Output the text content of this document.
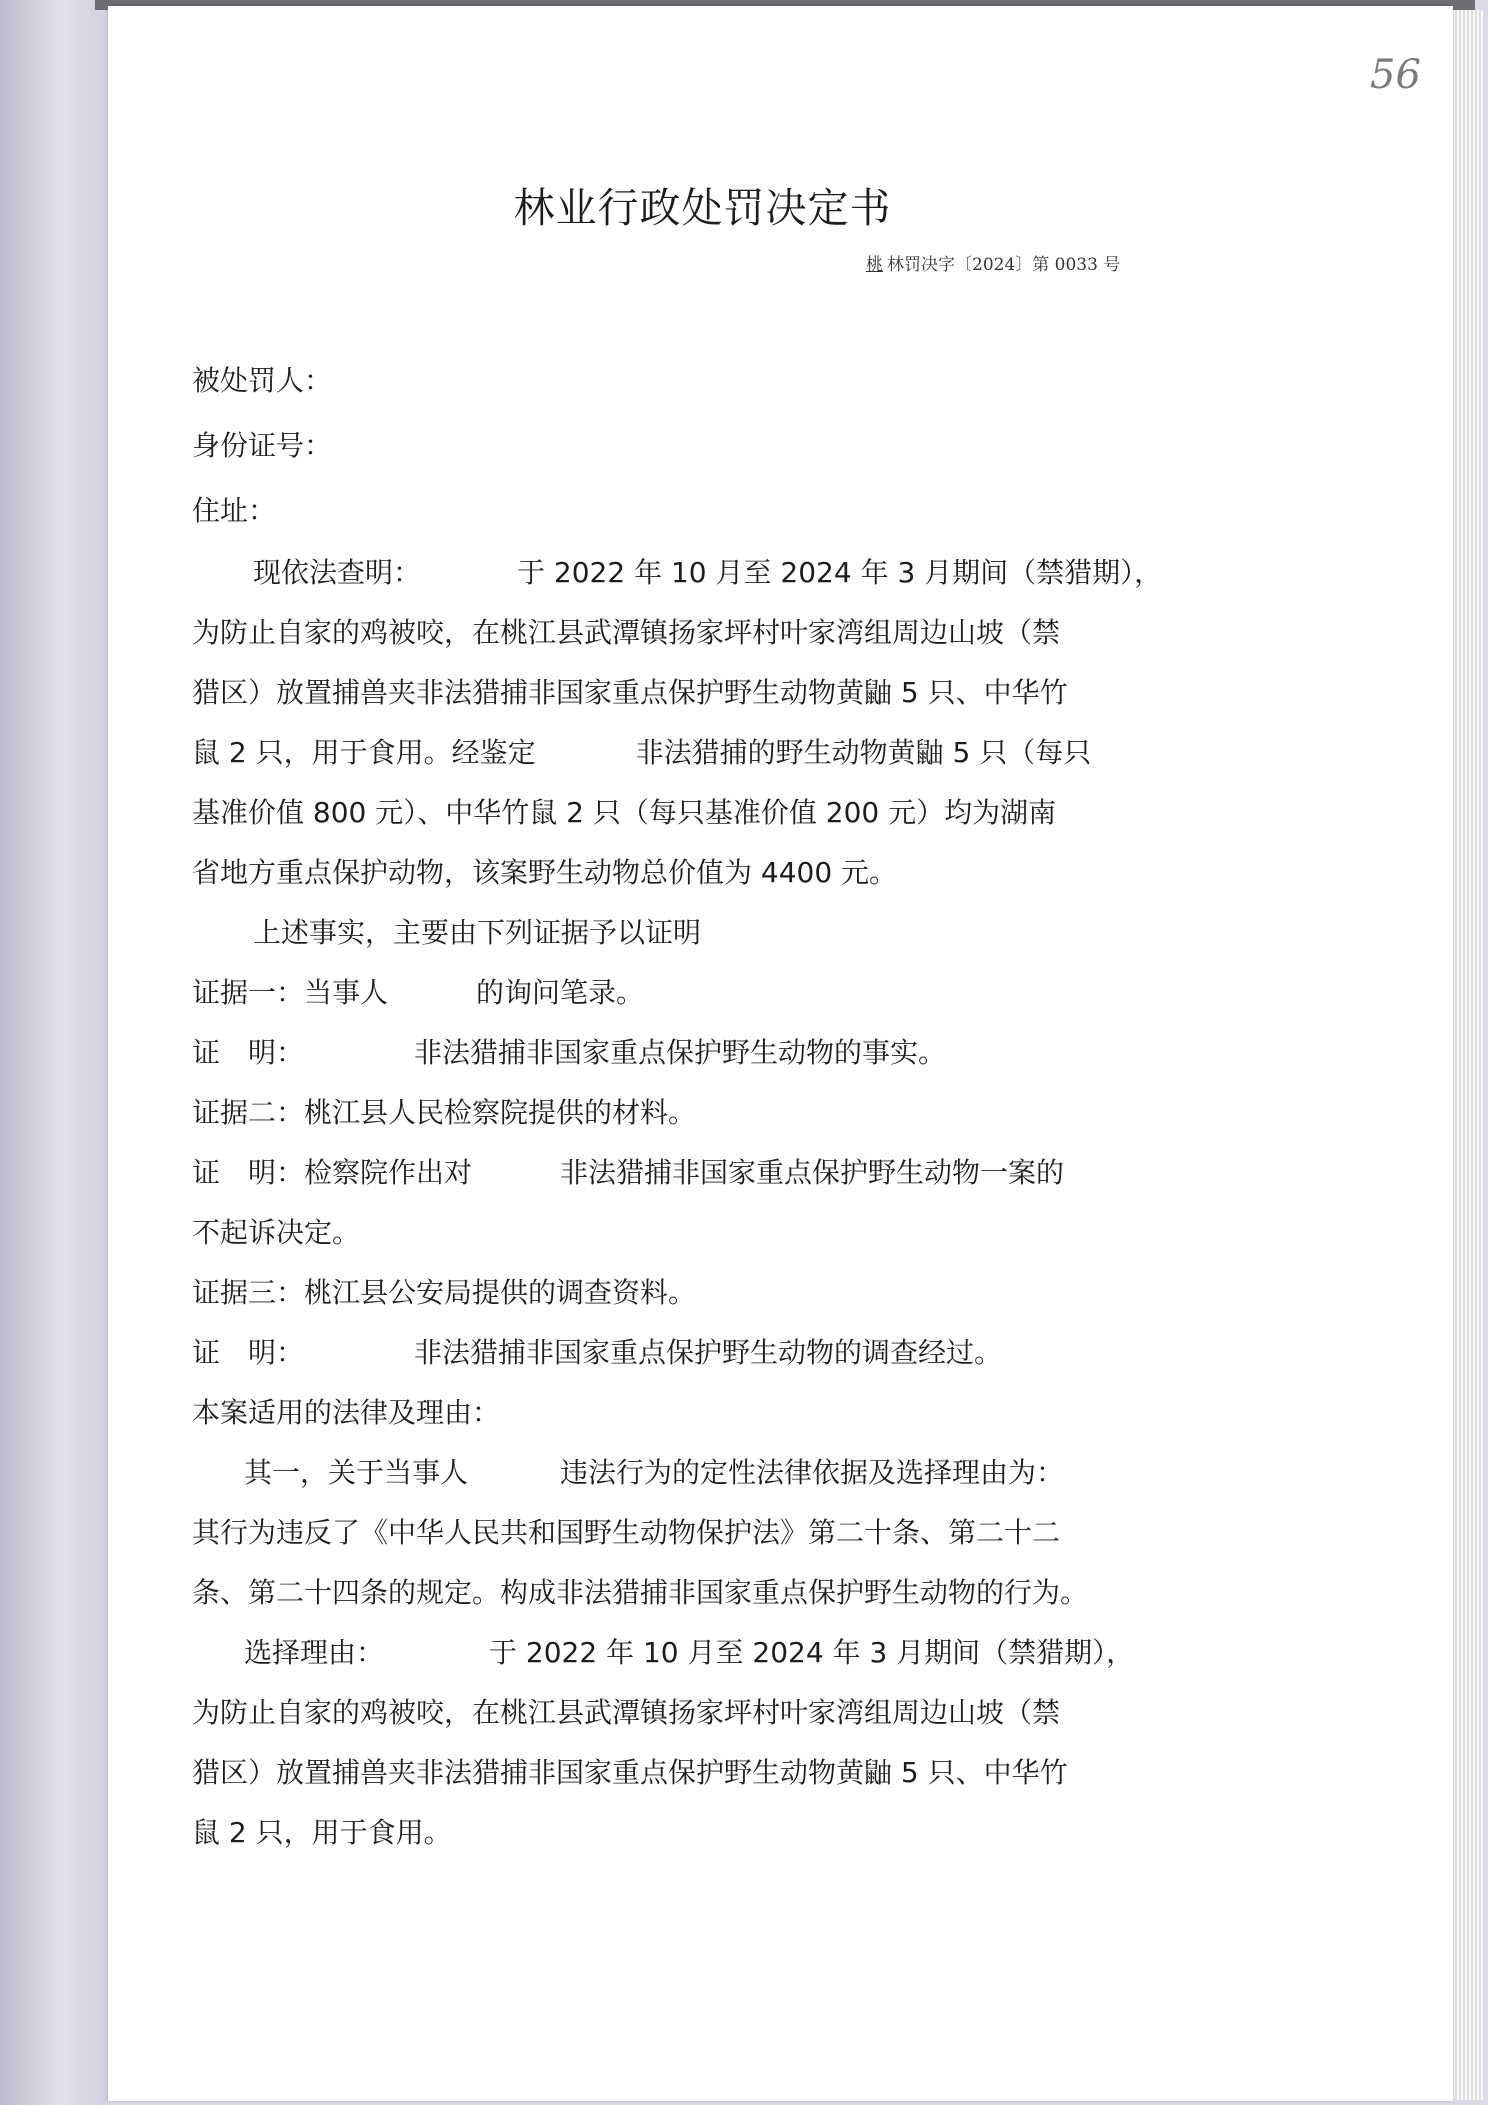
56
林业行政处罚决定书
桃 林罚决字〔2024〕第 0033 号
被处罚人：
身份证号：
住址：
现依法查明：	于 2022 年 10 月至 2024 年 3 月期间（禁猎期），
为防止自家的鸡被咬，在桃江县武潭镇扬家坪村叶家湾组周边山坡（禁
猎区）放置捕兽夹非法猎捕非国家重点保护野生动物黄鼬 5 只、中华竹
鼠 2 只，用于食用。经鉴定	非法猎捕的野生动物黄鼬 5 只（每只
基准价值 800 元）、中华竹鼠 2 只（每只基准价值 200 元）均为湖南
省地方重点保护动物，该案野生动物总价值为 4400 元。
上述事实，主要由下列证据予以证明
证据一：当事人	的询问笔录。
证　明：	非法猎捕非国家重点保护野生动物的事实。
证据二：桃江县人民检察院提供的材料。
证　明：检察院作出对	非法猎捕非国家重点保护野生动物一案的
不起诉决定。
证据三：桃江县公安局提供的调查资料。
证　明：	非法猎捕非国家重点保护野生动物的调查经过。
本案适用的法律及理由：
其一，关于当事人	违法行为的定性法律依据及选择理由为：
其行为违反了《中华人民共和国野生动物保护法》第二十条、第二十二
条、第二十四条的规定。构成非法猎捕非国家重点保护野生动物的行为。
选择理由：	于 2022 年 10 月至 2024 年 3 月期间（禁猎期），
为防止自家的鸡被咬，在桃江县武潭镇扬家坪村叶家湾组周边山坡（禁
猎区）放置捕兽夹非法猎捕非国家重点保护野生动物黄鼬 5 只、中华竹
鼠 2 只，用于食用。
